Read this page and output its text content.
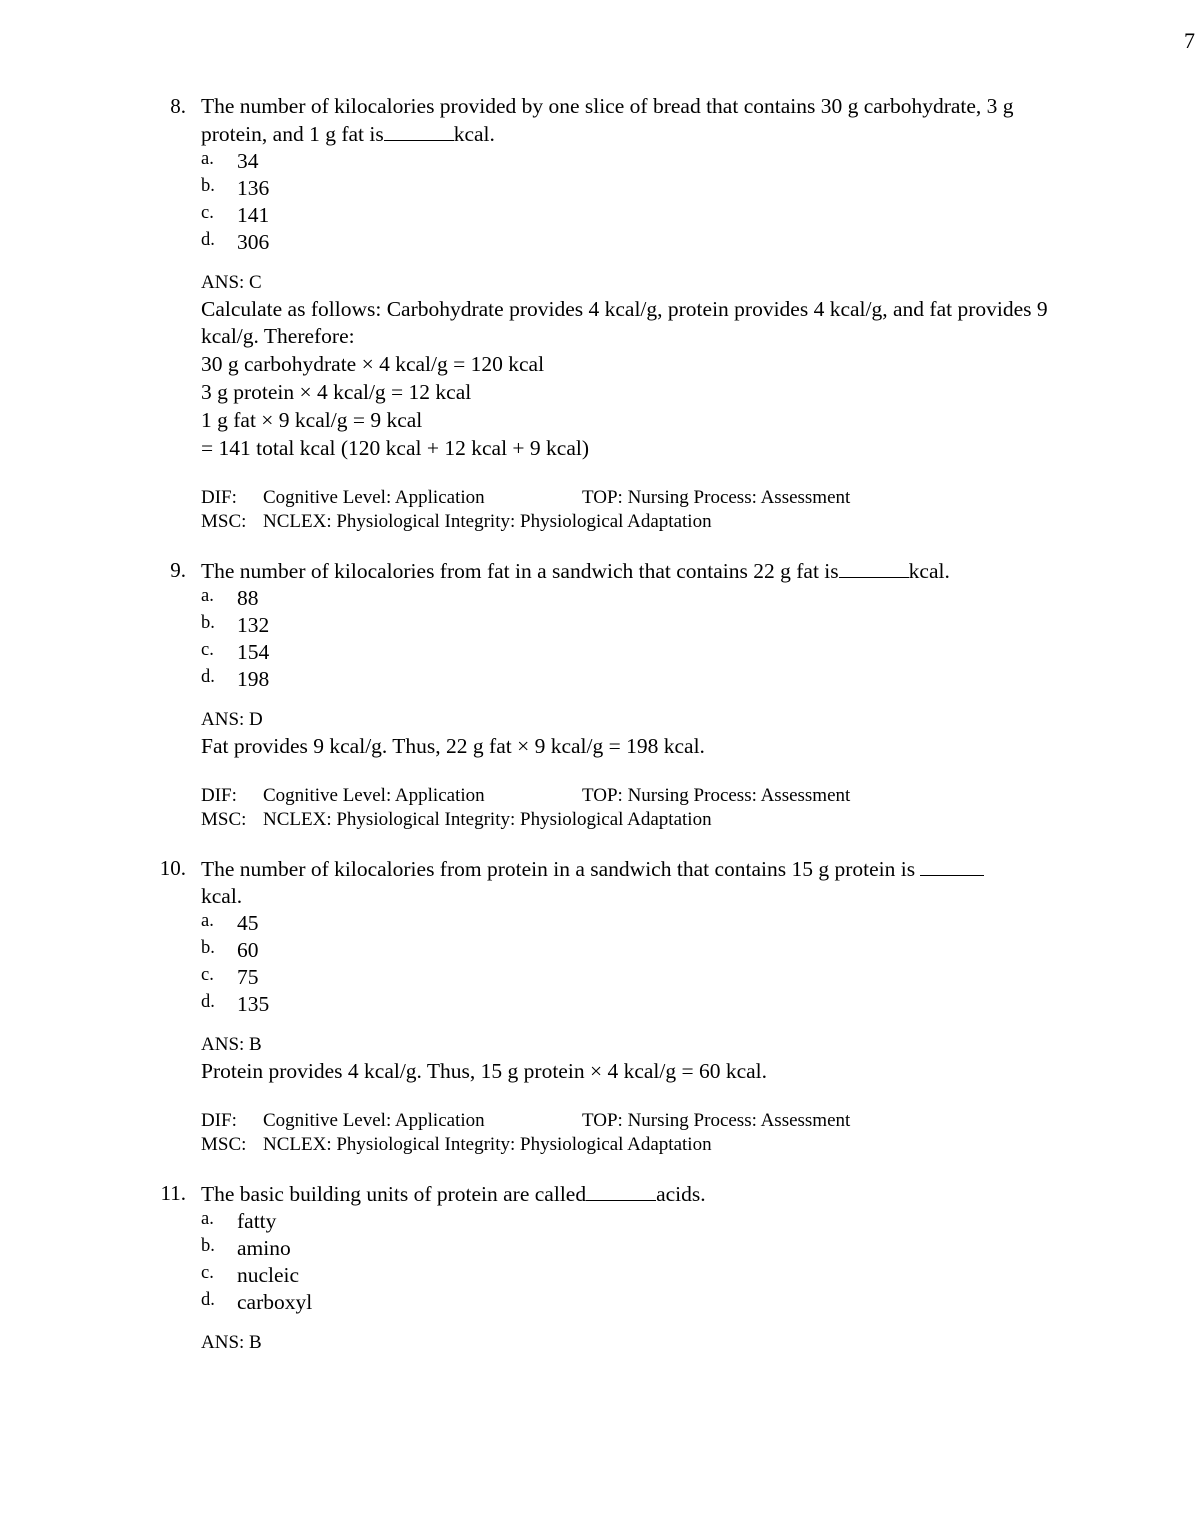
7
8. The number of kilocalories provided by one slice of bread that contains 30 g carbohydrate, 3 g protein, and 1 g fat is	kcal.
a.	34
b.	136
c.	141
d.	306
ANS: C
Calculate as follows: Carbohydrate provides 4 kcal/g, protein provides 4 kcal/g, and fat provides 9 kcal/g. Therefore:
30 g carbohydrate × 4 kcal/g = 120 kcal
3 g protein × 4 kcal/g = 12 kcal
1 g fat × 9 kcal/g = 9 kcal
= 141 total kcal (120 kcal + 12 kcal + 9 kcal)
DIF:	Cognitive Level: Application	TOP: Nursing Process: Assessment
MSC: NCLEX: Physiological Integrity: Physiological Adaptation
9. The number of kilocalories from fat in a sandwich that contains 22 g fat is	kcal.
a.	88
b.	132
c.	154
d.	198
ANS: D
Fat provides 9 kcal/g. Thus, 22 g fat × 9 kcal/g = 198 kcal.
DIF:	Cognitive Level: Application	TOP: Nursing Process: Assessment
MSC: NCLEX: Physiological Integrity: Physiological Adaptation
10. The number of kilocalories from protein in a sandwich that contains 15 g protein is
kcal.
a.	45
b.	60
c.	75
d.	135
ANS: B
Protein provides 4 kcal/g. Thus, 15 g protein × 4 kcal/g = 60 kcal.
DIF:	Cognitive Level: Application	TOP: Nursing Process: Assessment
MSC: NCLEX: Physiological Integrity: Physiological Adaptation
11. The basic building units of protein are called	acids.
a.	fatty
b.	amino
c.	nucleic
d.	carboxyl
ANS: B
